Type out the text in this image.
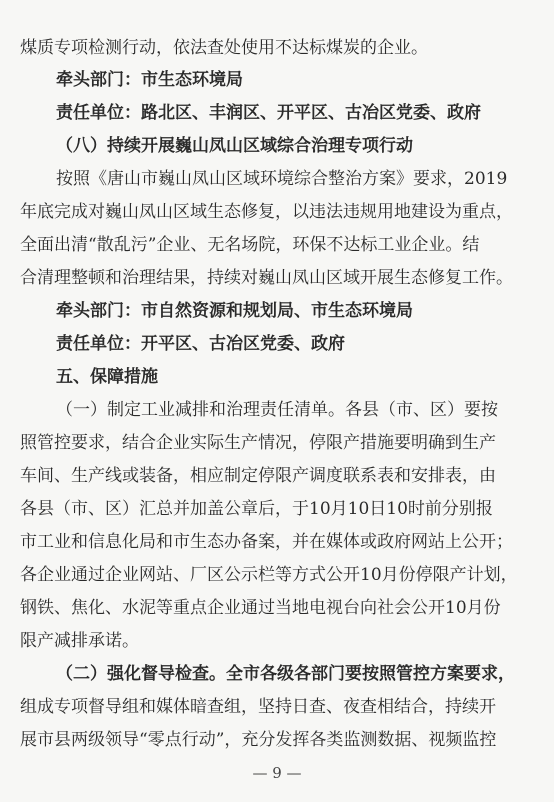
煤质专项检测行动，依法查处使用不达标煤炭的企业。
牵头部门：市生态环境局
责任单位：路北区、丰润区、开平区、古冶区党委、政府
（八）持续开展巍山凤山区域综合治理专项行动
按照《唐山市巍山凤山区域环境综合整治方案》要求，2019
年底完成对巍山凤山区域生态修复，以违法违规用地建设为重点，
全面出清“散乱污”企业、无名场院，环保不达标工业企业。结
合清理整顿和治理结果，持续对巍山凤山区域开展生态修复工作。
牵头部门：市自然资源和规划局、市生态环境局
责任单位：开平区、古冶区党委、政府
五、保障措施
（一）制定工业减排和治理责任清单。各县（市、区）要按
照管控要求，结合企业实际生产情况，停限产措施要明确到生产
车间、生产线或装备，相应制定停限产调度联系表和安排表，由
各县（市、区）汇总并加盖公章后，于10月10日10时前分别报
市工业和信息化局和市生态办备案，并在媒体或政府网站上公开；
各企业通过企业网站、厂区公示栏等方式公开10月份停限产计划，
钢铁、焦化、水泥等重点企业通过当地电视台向社会公开10月份
限产减排承诺。
（二）强化督导检查。全市各级各部门要按照管控方案要求，
组成专项督导组和媒体暗查组，坚持日查、夜查相结合，持续开
展市县两级领导“零点行动”，充分发挥各类监测数据、视频监控
— 9 —
